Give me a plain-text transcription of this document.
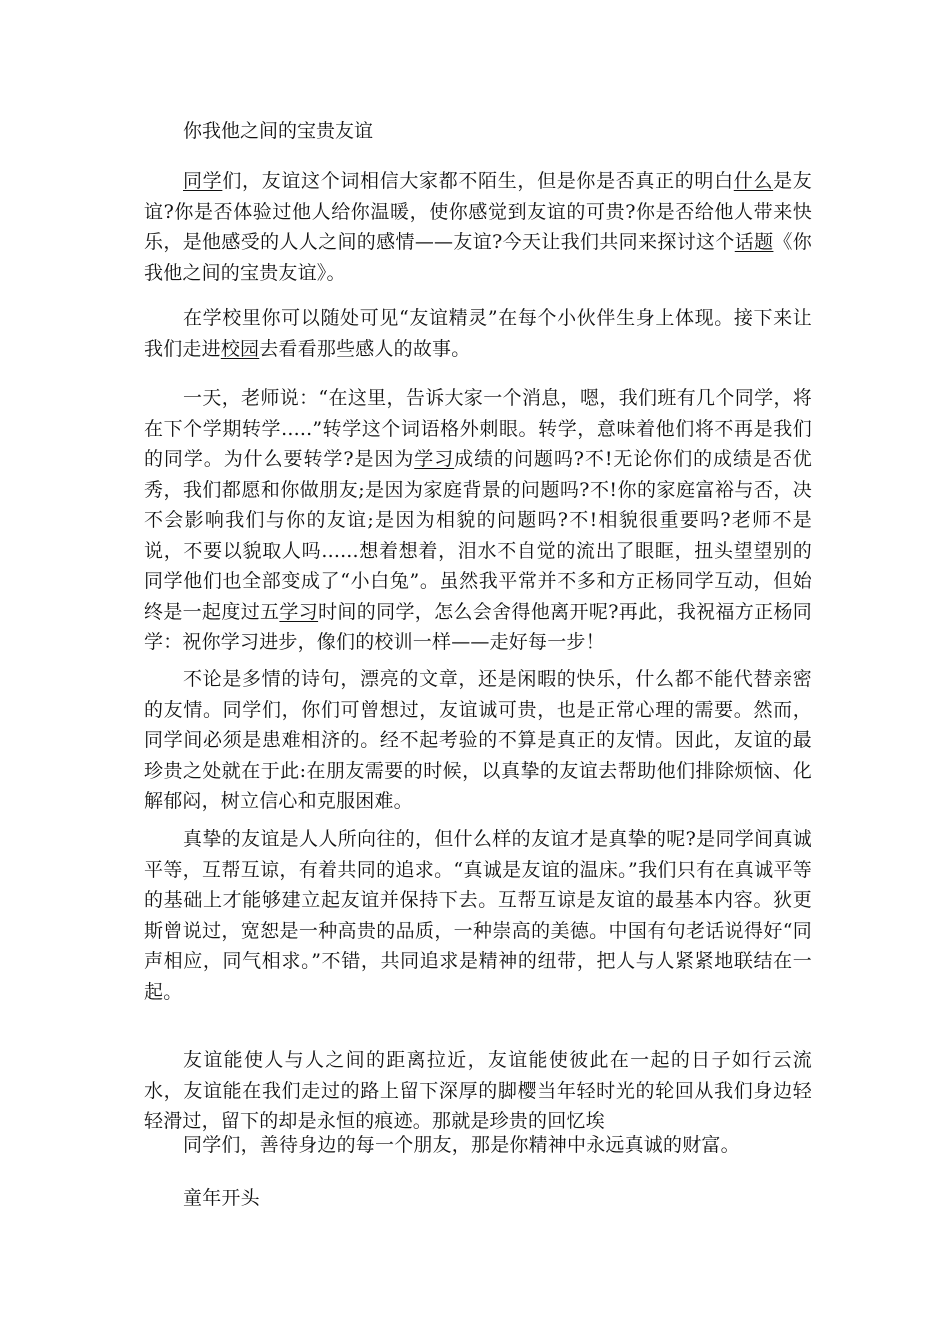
你我他之间的宝贵友谊

同学们，友谊这个词相信大家都不陌生，但是你是否真正的明白什么是友谊?你是否体验过他人给你温暖，使你感觉到友谊的可贵?你是否给他人带来快乐，是他感受的人人之间的感情——友谊?今天让我们共同来探讨这个话题《你我他之间的宝贵友谊》。

在学校里你可以随处可见“友谊精灵”在每个小伙伴生身上体现。接下来让我们走进校园去看看那些感人的故事。

一天，老师说：“在这里，告诉大家一个消息，嗯，我们班有几个同学，将在下个学期转学.....”转学这个词语格外刺眼。转学，意味着他们将不再是我们的同学。为什么要转学?是因为学习成绩的问题吗?不!无论你们的成绩是否优秀，我们都愿和你做朋友;是因为家庭背景的问题吗?不!你的家庭富裕与否，决不会影响我们与你的友谊;是因为相貌的问题吗?不!相貌很重要吗?老师不是说，不要以貌取人吗......想着想着，泪水不自觉的流出了眼眶，扭头望望别的同学他们也全部变成了“小白兔”。虽然我平常并不多和方正杨同学互动，但始终是一起度过五学习时间的同学，怎么会舍得他离开呢?再此，我祝福方正杨同学：祝你学习进步，像们的校训一样——走好每一步！

不论是多情的诗句，漂亮的文章，还是闲暇的快乐，什么都不能代替亲密的友情。同学们，你们可曾想过，友谊诚可贵，也是正常心理的需要。然而，同学间必须是患难相济的。经不起考验的不算是真正的友情。因此，友谊的最珍贵之处就在于此:在朋友需要的时候，以真挚的友谊去帮助他们排除烦恼、化解郁闷，树立信心和克服困难。

真挚的友谊是人人所向往的，但什么样的友谊才是真挚的呢?是同学间真诚平等，互帮互谅，有着共同的追求。“真诚是友谊的温床。”我们只有在真诚平等的基础上才能够建立起友谊并保持下去。互帮互谅是友谊的最基本内容。狄更斯曾说过，宽恕是一种高贵的品质，一种崇高的美德。中国有句老话说得好“同声相应，同气相求。”不错，共同追求是精神的纽带，把人与人紧紧地联结在一起。

友谊能使人与人之间的距离拉近，友谊能使彼此在一起的日子如行云流水，友谊能在我们走过的路上留下深厚的脚樱当年轻时光的轮回从我们身边轻轻滑过，留下的却是永恒的痕迹。那就是珍贵的回忆埃

同学们，善待身边的每一个朋友，那是你精神中永远真诚的财富。

童年开头
